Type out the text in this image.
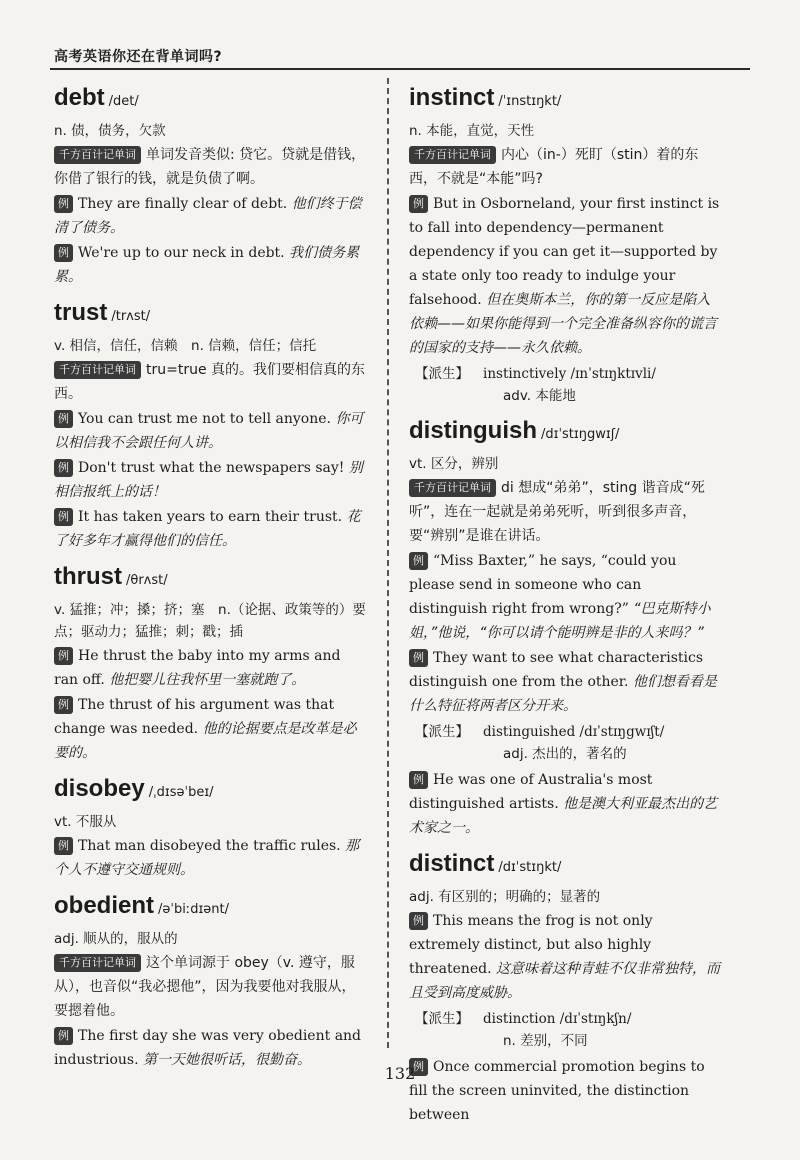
高考英语你还在背单词吗?
debt /det/
n. 债，债务，欠款
千方百计记单词 单词发音类似: 贷它。贷就是借钱，你借了银行的钱，就是负债了啊。
例 They are finally clear of debt. 他们终于偿清了债务。
例 We're up to our neck in debt. 我们债务累累。
trust /trʌst/
v. 相信，信任，信赖　n. 信赖，信任；信托
千方百计记单词 tru=true 真的。我们要相信真的东西。
例 You can trust me not to tell anyone. 你可以相信我不会跟任何人讲。
例 Don't trust what the newspapers say! 别相信报纸上的话！
例 It has taken years to earn their trust. 花了好多年才赢得他们的信任。
thrust /θrʌst/
v. 猛推；冲；搡；挤；塞　n.（论据、政策等的）要点；驱动力；猛推；刺；戳；插
例 He thrust the baby into my arms and ran off. 他把婴儿往我怀里一塞就跑了。
例 The thrust of his argument was that change was needed. 他的论据要点是改革是必要的。
disobey /ˌdɪsəˈbeɪ/
vt. 不服从
例 That man disobeyed the traffic rules. 那个人不遵守交通规则。
obedient /əˈbiːdɪənt/
adj. 顺从的，服从的
千方百计记单词 这个单词源于 obey（v. 遵守，服从），也音似“我必摁他”，因为我要他对我服从，要摁着他。
例 The first day she was very obedient and industrious. 第一天她很听话，很勤奋。
instinct /ˈɪnstɪŋkt/
n. 本能，直觉，天性
千方百计记单词 内心（in-）死盯（stin）着的东西，不就是“本能”吗?
例 But in Osborneland, your first instinct is to fall into dependency—permanent dependency if you can get it—supported by a state only too ready to indulge your falsehood. 但在奥斯本兰，你的第一反应是陷入依赖——如果你能得到一个完全准备纵容你的谎言的国家的支持——永久依赖。
【派生】	instinctively /ɪnˈstɪŋktɪvli/
adv. 本能地
distinguish /dɪˈstɪŋgwɪʃ/
vt. 区分，辨别
千方百计记单词 di 想成“弟弟”，sting 谐音成“死听”，连在一起就是弟弟死听，听到很多声音，要“辨别”是谁在讲话。
例 “Miss Baxter,” he says, “could you please send in someone who can distinguish right from wrong?” “巴克斯特小姐，”他说，“你可以请个能明辨是非的人来吗？”
例 They want to see what characteristics distinguish one from the other. 他们想看看是什么特征将两者区分开来。
【派生】	distinguished /dɪˈstɪŋgwɪʃt/
adj. 杰出的，著名的
例 He was one of Australia's most distinguished artists. 他是澳大利亚最杰出的艺术家之一。
distinct /dɪˈstɪŋkt/
adj. 有区别的；明确的；显著的
例 This means the frog is not only extremely distinct, but also highly threatened. 这意味着这种青蛙不仅非常独特，而且受到高度威胁。
【派生】	distinction /dɪˈstɪŋkʃn/
n. 差别，不同
例 Once commercial promotion begins to fill the screen uninvited, the distinction between
132
